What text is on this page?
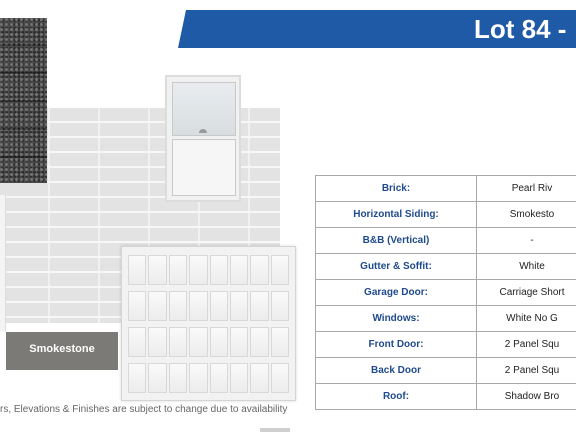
Lot 84 -
Smokestone
rs, Elevations & Finishes are subject to change due to availability
Brick:	Pearl Riv
Horizontal Siding:	Smokesto
B&B (Vertical)	-
Gutter & Soffit:	White
Garage Door:	Carriage Short
Windows:	White No G
Front Door:	2 Panel Squ
Back Door	2 Panel Squ
Roof:	Shadow Bro
